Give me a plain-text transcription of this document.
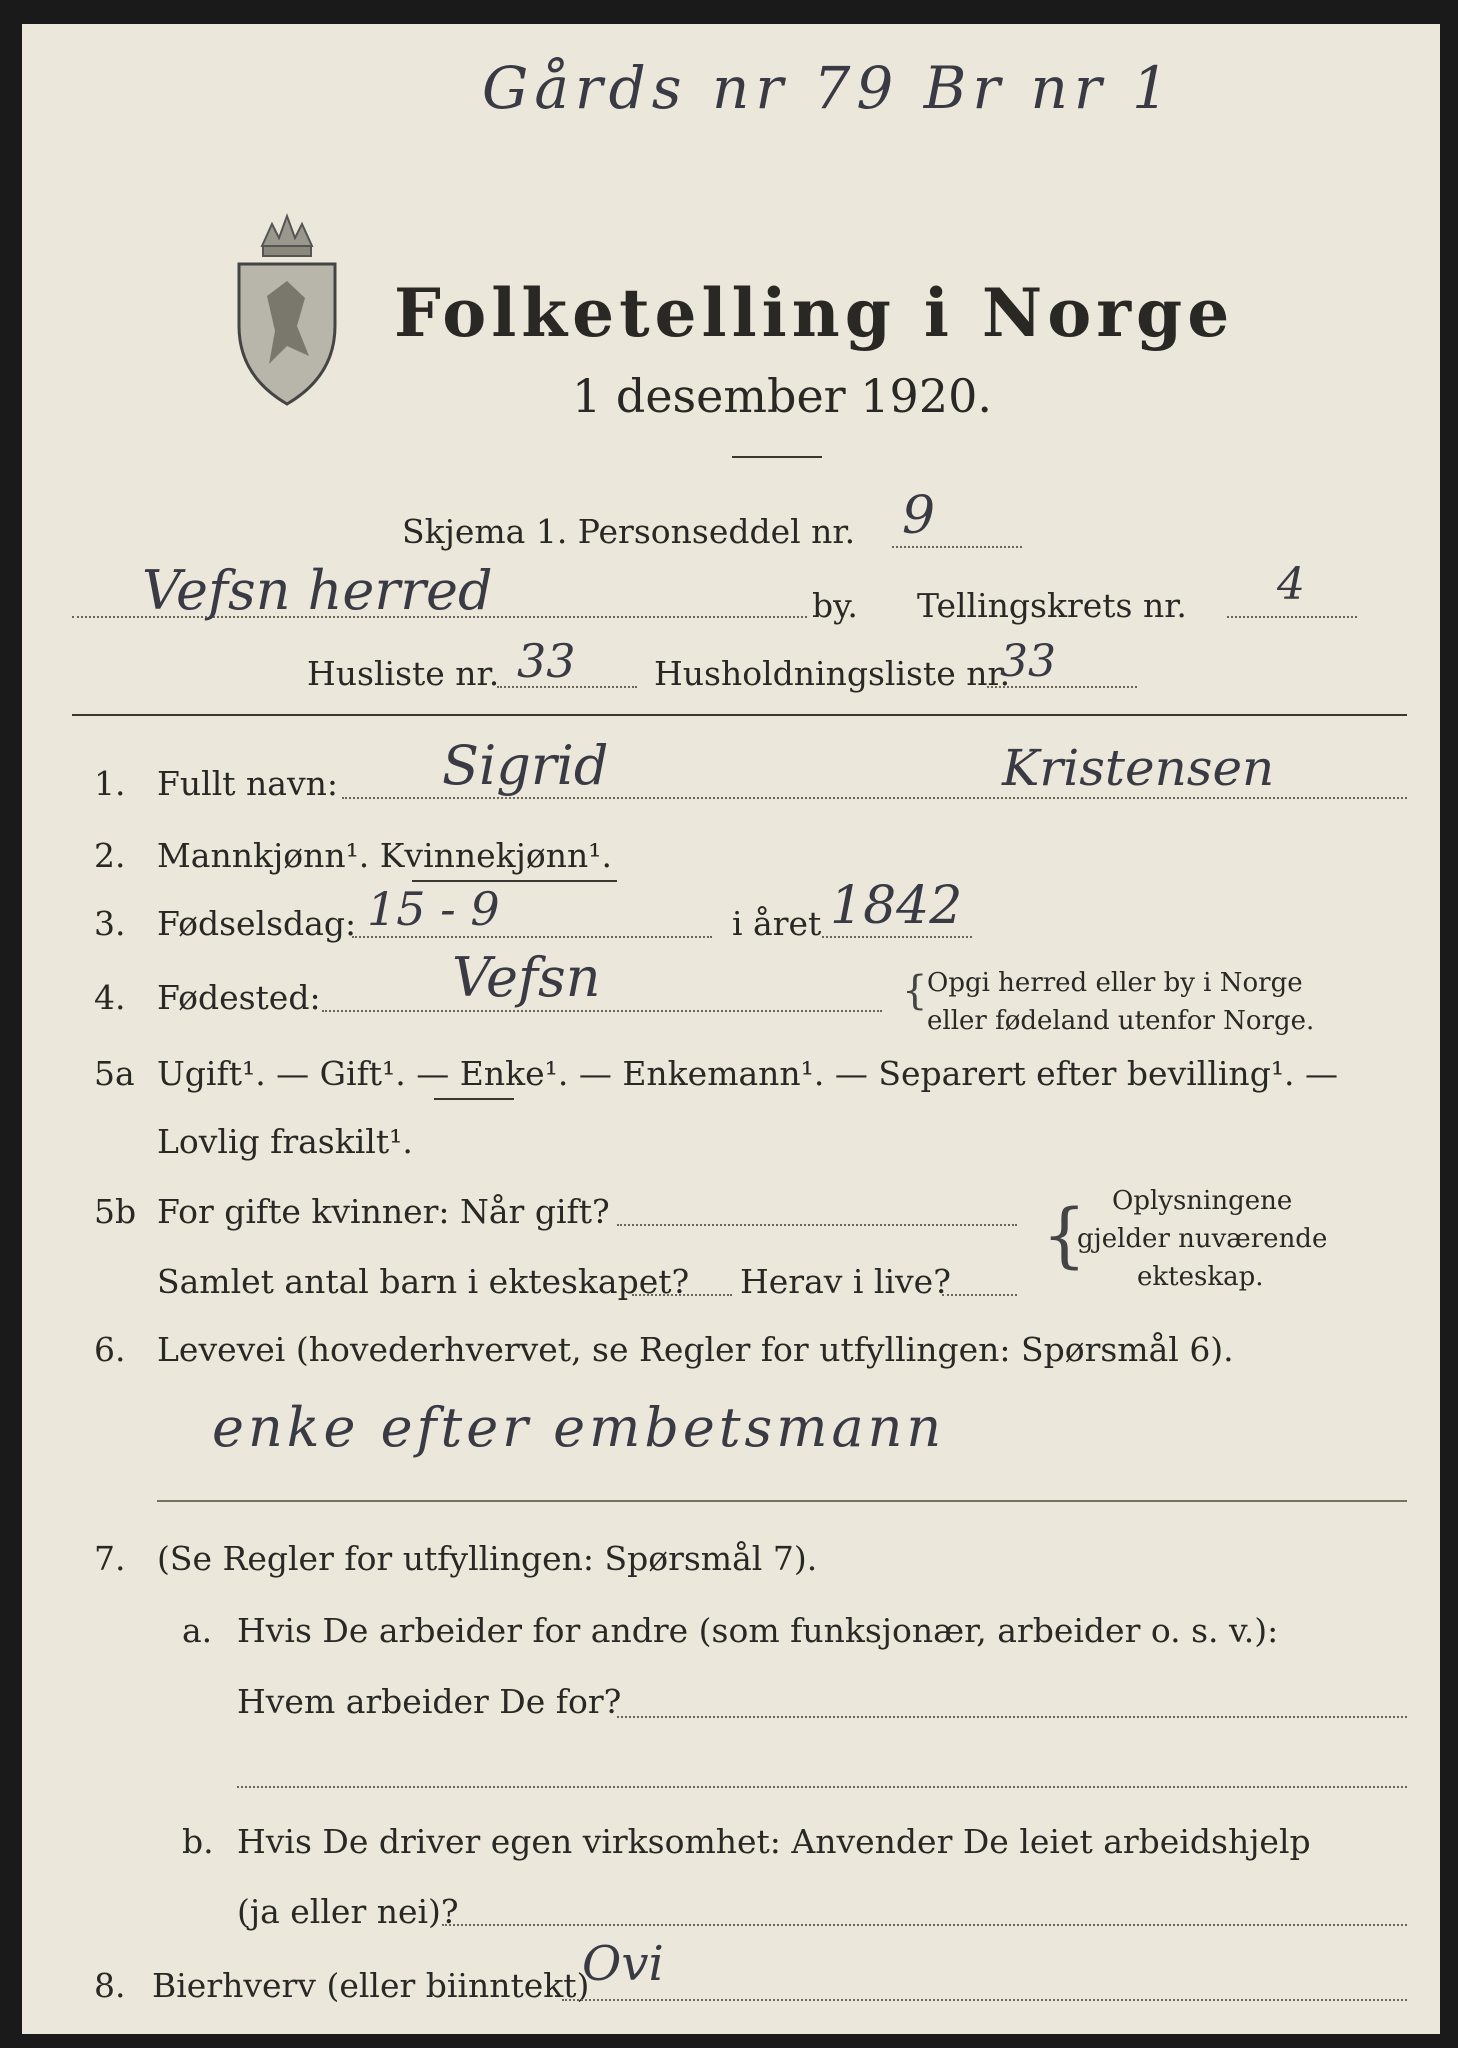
Gårds nr 79 Br nr 1
Folketelling i Norge
1 desember 1920.
Skjema 1. Personseddel nr. 9
Vefsn herred	by. Tellingskrets nr. 4
Husliste nr. 33 Husholdningsliste nr.
33
1. Fullt navn: Sigrid	Kristensen
2. Mannkjønn¹. Kvinnekjønn¹.
3. Fødselsdag: 15 - 9	i året 1842
4. Fødested: Vefsn	{ Opgi herred eller by i Norge
eller fødeland utenfor Norge.
5a Ugift¹. — Gift¹. — Enke¹. — Enkemann¹. — Separert efter bevilling¹. —
Lovlig fraskilt¹.
5b For gifte kvinner: Når gift?
Samlet antal barn i ekteskapet? Herav i live?
{ Oplysningene
gjelder nuværende
ekteskap.
6. Levevei (hovederhvervet, se Regler for utfyllingen: Spørsmål 6).
enke efter embetsmann
7. (Se Regler for utfyllingen: Spørsmål 7).
a. Hvis De arbeider for andre (som funksjonær, arbeider o. s. v.):
Hvem arbeider De for?
b. Hvis De driver egen virksomhet: Anvender De leiet arbeidshjelp
(ja eller nei)?
8. Bierhverv (eller biinntekt)
Ovi
